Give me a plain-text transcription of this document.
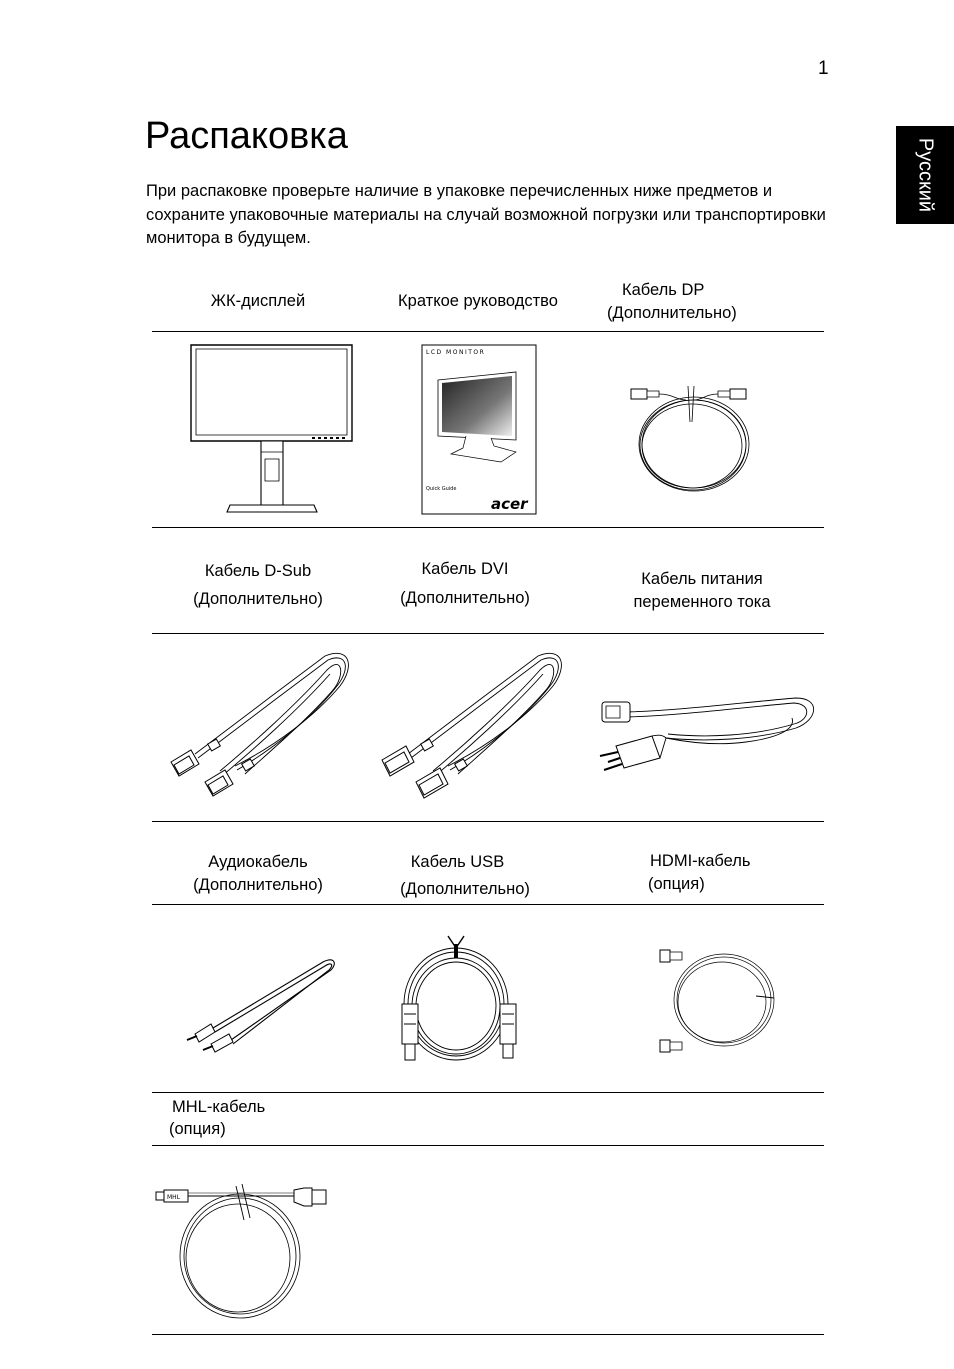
1
Русский
Распаковка
При распаковке проверьте наличие в упаковке перечисленных ниже предметов и сохраните упаковочные материалы на случай возможной погрузки или транспортировки монитора в будущем.
ЖК-дисплей	Краткое руководство
Кабель DP
(Дополнительно)
LCD MONITOR
Quick Guide
acer
Кабель D-Sub
(Дополнительно)
Кабель DVI
(Дополнительно)
Кабель питания
переменного тока
Аудиокабель
(Дополнительно)
Кабель USB
(Дополнительно)
HDMI-кабель
(опция)
MHL-кабель
(опция)
MHL
